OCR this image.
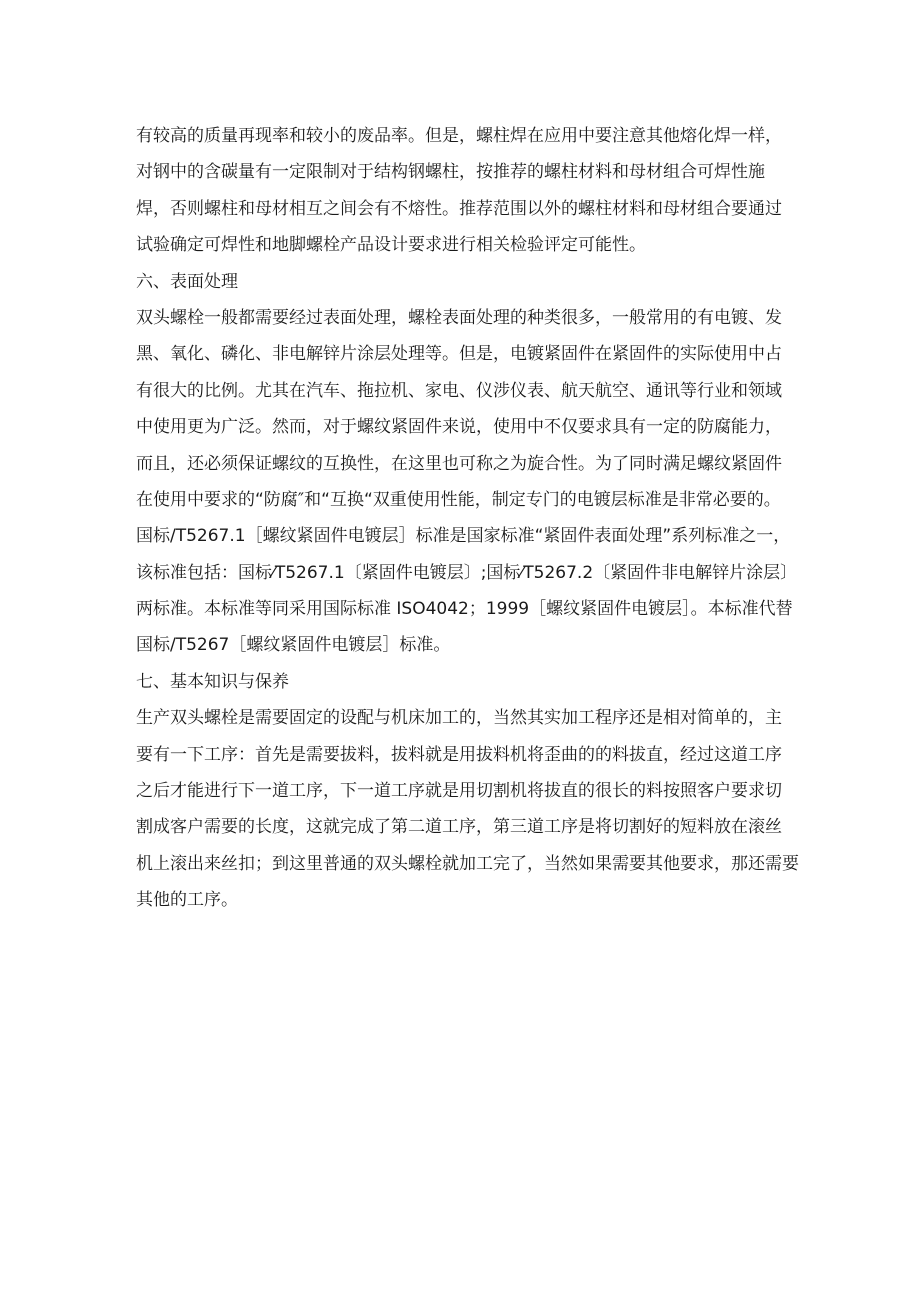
有较高的质量再现率和较小的废品率。但是，螺柱焊在应用中要注意其他熔化焊一样，
对钢中的含碳量有一定限制对于结构钢螺柱，按推荐的螺柱材料和母材组合可焊性施
焊，否则螺柱和母材相互之间会有不熔性。推荐范围以外的螺柱材料和母材组合要通过
试验确定可焊性和地脚螺栓产品设计要求进行相关检验评定可能性。
六、表面处理
双头螺栓一般都需要经过表面处理，螺栓表面处理的种类很多，一般常用的有电镀、发
黑、氧化、磷化、非电解锌片涂层处理等。但是，电镀紧固件在紧固件的实际使用中占
有很大的比例。尤其在汽车、拖拉机、家电、仪涉仪表、航天航空、通讯等行业和领域
中使用更为广泛。然而，对于螺纹紧固件来说，使用中不仅要求具有一定的防腐能力，
而且，还必须保证螺纹的互换性，在这里也可称之为旋合性。为了同时满足螺纹紧固件
在使用中要求的“防腐″和“互换“双重使用性能，制定专门的电镀层标准是非常必要的。
国标/T5267.1［螺纹紧固件电镀层］标准是国家标准“紧固件表面处理”系列标准之一，
该标准包括：国标⁄T5267.1〔紧固件电镀层〕;国标⁄T5267.2〔紧固件非电解锌片涂层〕
两标准。本标准等同采用国际标准 ISO4042；1999［螺纹紧固件电镀层］。本标准代替
国标/T5267［螺纹紧固件电镀层］标准。
七、基本知识与保养
生产双头螺栓是需要固定的设配与机床加工的，当然其实加工程序还是相对简单的，主
要有一下工序：首先是需要拔料，拔料就是用拔料机将歪曲的的料拔直，经过这道工序
之后才能进行下一道工序，下一道工序就是用切割机将拔直的很长的料按照客户要求切
割成客户需要的长度，这就完成了第二道工序，第三道工序是将切割好的短料放在滚丝
机上滚出来丝扣；到这里普通的双头螺栓就加工完了，当然如果需要其他要求，那还需要
其他的工序。
